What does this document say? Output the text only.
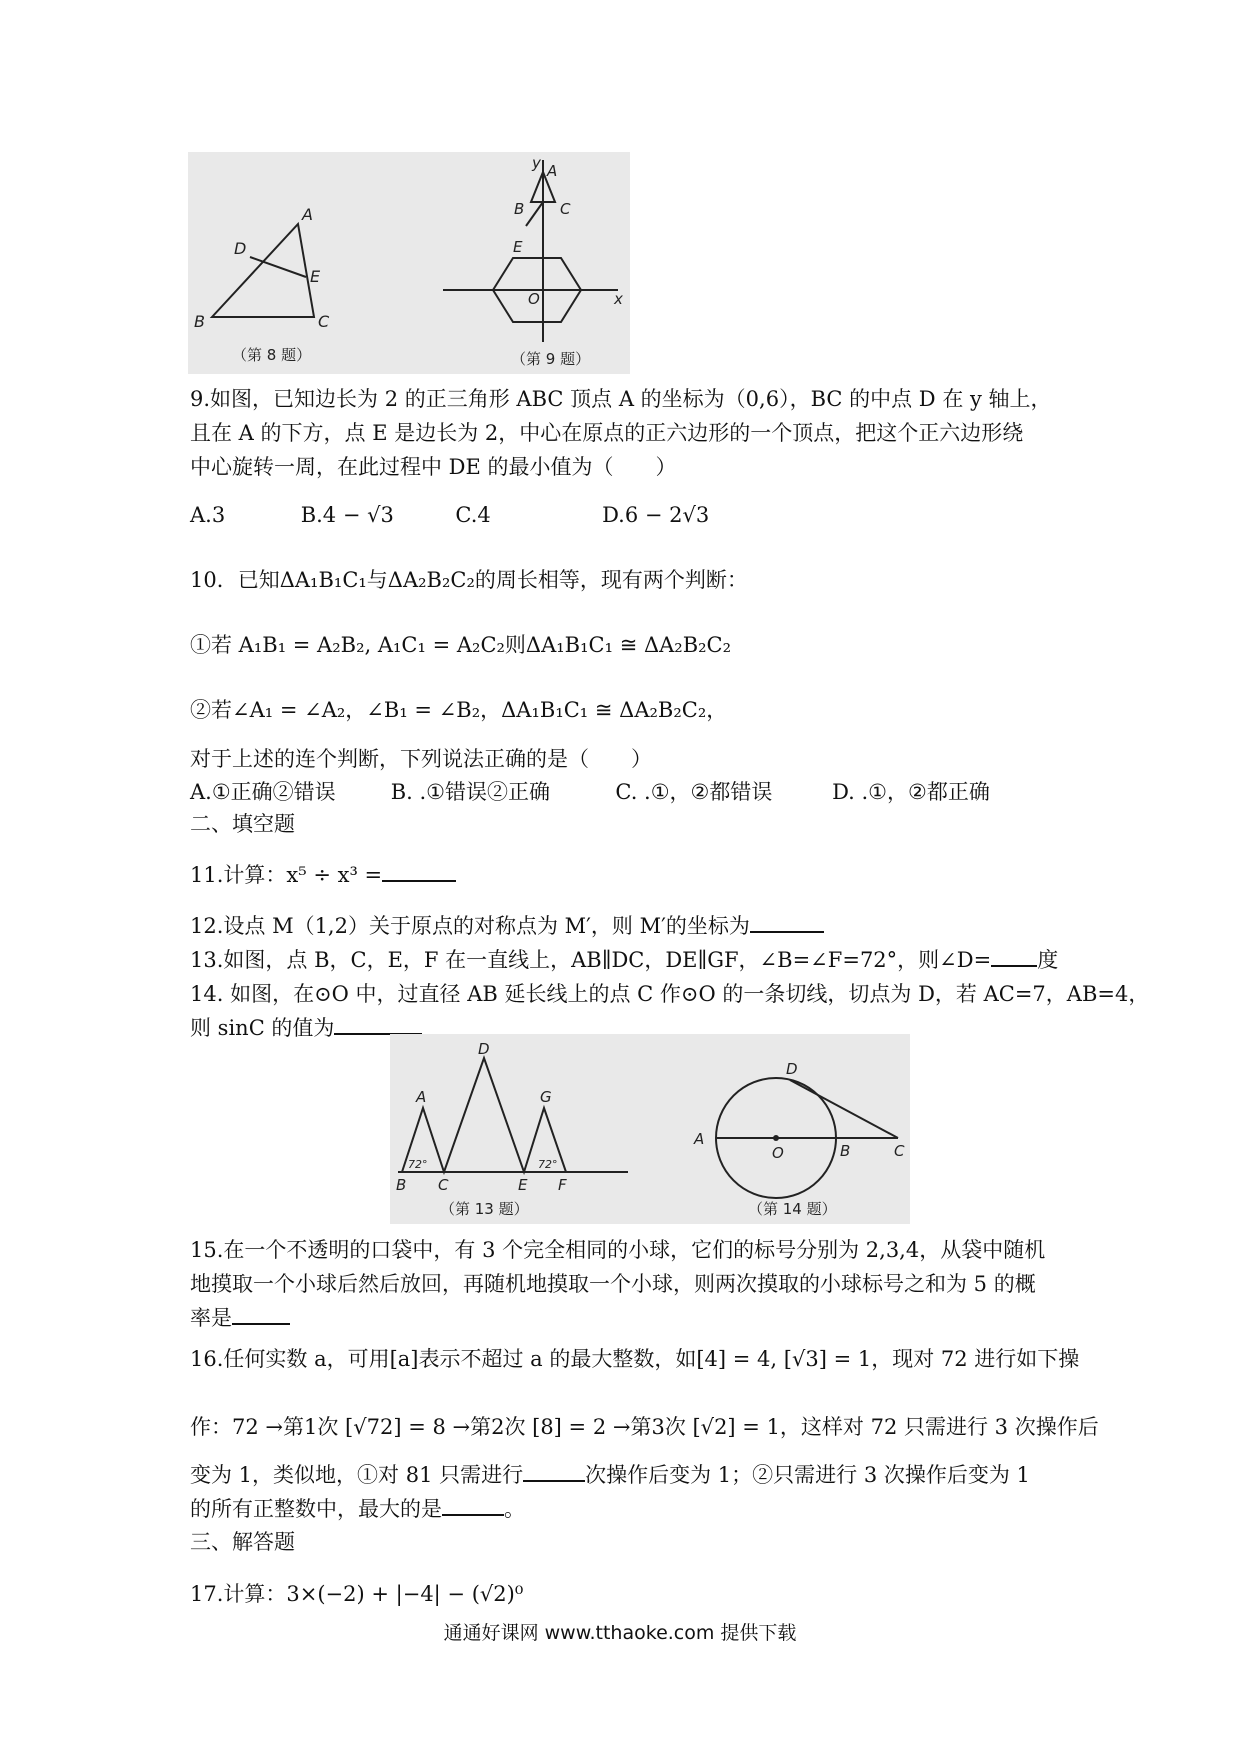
A
B	C
D
E
（第 8 题）
y A
B C
E
O	x
（第 9 题）
9.如图，已知边长为 2 的正三角形 ABC 顶点 A 的坐标为（0,6），BC 的中点 D 在 y 轴上，
且在 A 的下方，点 E 是边长为 2，中心在原点的正六边形的一个顶点，把这个正六边形绕
中心旋转一周，在此过程中 DE 的最小值为（　　）
A.3	B.4 − √3	C.4	D.6 − 2√3
10．已知ΔA₁B₁C₁与ΔA₂B₂C₂的周长相等，现有两个判断：
①若 A₁B₁ = A₂B₂, A₁C₁ = A₂C₂则ΔA₁B₁C₁ ≅ ΔA₂B₂C₂
②若∠A₁ = ∠A₂，∠B₁ = ∠B₂，ΔA₁B₁C₁ ≅ ΔA₂B₂C₂，
对于上述的连个判断，下列说法正确的是（　　）
A.①正确②错误	B. .①错误②正确	C. .①，②都错误	D. .①，②都正确
二、填空题
11.计算：x⁵ ÷ x³ =
12.设点 M（1,2）关于原点的对称点为 M′，则 M′的坐标为
13.如图，点 B，C，E，F 在一直线上，AB∥DC，DE∥GF，∠B=∠F=72°，则∠D= 度
14. 如图，在⊙O 中，过直径 AB 延长线上的点 C 作⊙O 的一条切线，切点为 D，若 AC=7，AB=4，
则 sinC 的值为
A
B C
D
E F
G
72°	72°
（第 13 题）
A
O	B	C
D
（第 14 题）
15.在一个不透明的口袋中，有 3 个完全相同的小球，它们的标号分别为 2,3,4，从袋中随机
地摸取一个小球后然后放回，再随机地摸取一个小球，则两次摸取的小球标号之和为 5 的概
率是
16.任何实数 a，可用[a]表示不超过 a 的最大整数，如[4] = 4, [√3] = 1，现对 72 进行如下操
作：72 →第1次 [√72] = 8 →第2次 [8] = 2 →第3次 [√2] = 1，这样对 72 只需进行 3 次操作后
变为 1，类似地，①对 81 只需进行	次操作后变为 1；②只需进行 3 次操作后变为 1
的所有正整数中，最大的是	。
三、解答题
17.计算：3×(−2) + |−4| − (√2)⁰
通通好课网 www.tthaoke.com 提供下载
